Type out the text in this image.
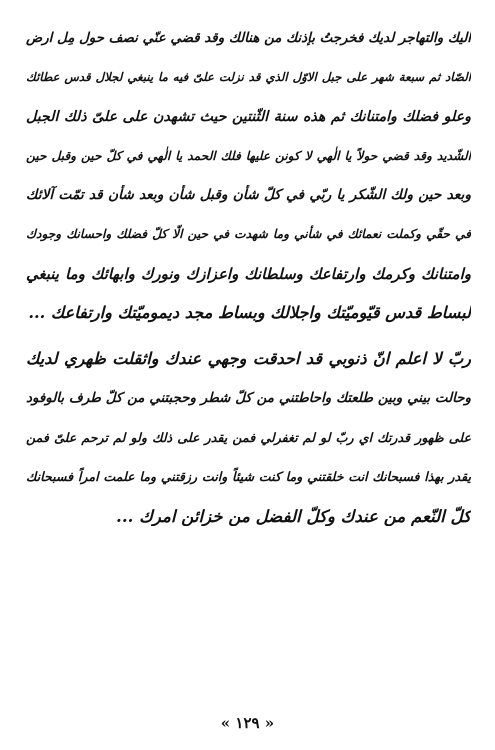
اليك والتهاجر لديك فخرجتُ بإذنك من هنالك وقد قضي عنّي نصف حول مِل ارض
الصّاد ثم سبعة شهر على جبل الاوّل الذي قد نزلت علىّ فيه ما ينبغي لجلال قدس عطائك
وعلو فضلك وامتنانك ثم هذه سنة الثّنتين حيث تشهدن على علىّ ذلك الجبل
الشّديد وقد قضي حولاً يا الٰهي لا كونن عليها فلك الحمد يا الٰهي في كلّ حين وقبل حين
وبعد حين ولك الشّكر يا ربّي في كلّ شأن وقبل شأن وبعد شأن قد تمّت آلائك
في حقّي وكملت نعمائك في شأني وما شهدت في حين الّا كلّ فضلك واحسانك وجودك
وامتنانك وكرمك وارتفاعك وسلطانك واعزازك ونورك وابهائك وما ينبغي
لبساط قدس قيّوميّتك واجلالك وبساط مجد ديموميّتك وارتفاعك ...
ربّ لا اعلم انّ ذنوبي قد احدقت وجهي عندك واثقلت ظهري لديك
وحالت بيني وبين طلعتك واحاطتني من كلّ شطر وحجبتني من كلّ طرف بالوفود
على ظهور قدرتك اي ربّ لو لم تغفرلي فمن يقدر على ذلك ولو لم ترحم علىّ فمن
يقدر بهذا فسبحانك انت خلقتني وما كنت شيئاً وانت رزقتني وما علمت امراً فسبحانك
كلّ النّعم من عندك وكلّ الفضل من خزائن امرك ...
« ١٢٩ »
